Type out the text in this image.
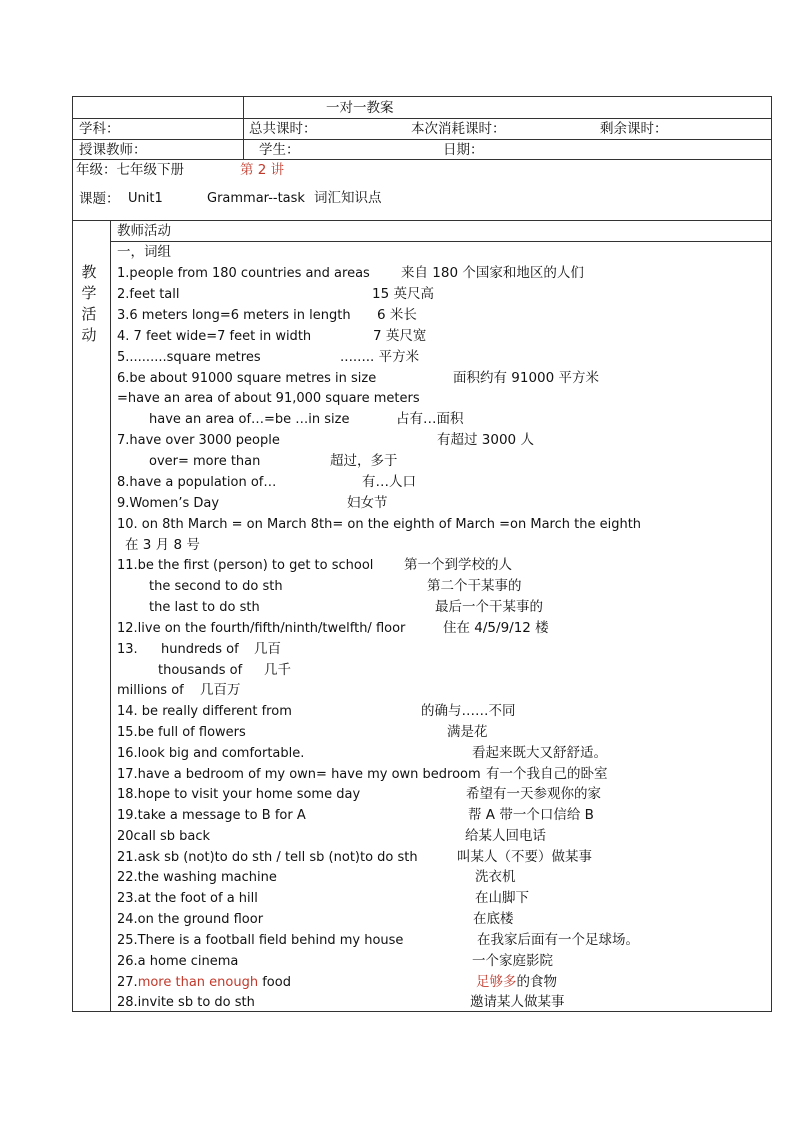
一对一教案
学科：	总共课时：	本次消耗课时：	剩余课时：
授课教师：	学生：	日期：
年级：七年级下册	第 2 讲
课题： Unit1	Grammar--task 词汇知识点
教
学
活
动
教师活动
一，词组
1.people from 180 countries and areas 来自 180 个国家和地区的人们
2.feet tall	15 英尺高
3.6 meters long=6 meters in length 6 米长
4. 7 feet wide=7 feet in width	7 英尺宽
5..........square metres	........ 平方米
6.be about 91000 square metres in size	面积约有 91000 平方米
=have an area of about 91,000 square meters
have an area of…=be …in size	占有…面积
7.have over 3000 people	有超过 3000 人
over= more than	超过，多于
8.have a population of…	有…人口
9.Women’s Day	妇女节
10. on 8th March = on March 8th= on the eighth of March =on March the eighth
在 3 月 8 号
11.be the first (person) to get to school 第一个到学校的人
the second to do sth	第二个干某事的
the last to do sth	最后一个干某事的
12.live on the fourth/fifth/ninth/twelfth/ floor	住在 4/5/9/12 楼
13. hundreds of 几百
thousands of 几千
millions of 几百万
14. be really different from	的确与……不同
15.be full of flowers	满是花
16.look big and comfortable.	看起来既大又舒舒适。
17.have a bedroom of my own= have my own bedroom 有一个我自己的卧室
18.hope to visit your home some day	希望有一天参观你的家
19.take a message to B for A	帮 A 带一个口信给 B
20call sb back	给某人回电话
21.ask sb (not)to do sth / tell sb (not)to do sth	叫某人（不要）做某事
22.the washing machine	洗衣机
23.at the foot of a hill	在山脚下
24.on the ground floor	在底楼
25.There is a football field behind my house	在我家后面有一个足球场。
26.a home cinema	一个家庭影院
27.more than enough food	足够多的食物
28.invite sb to do sth	邀请某人做某事
